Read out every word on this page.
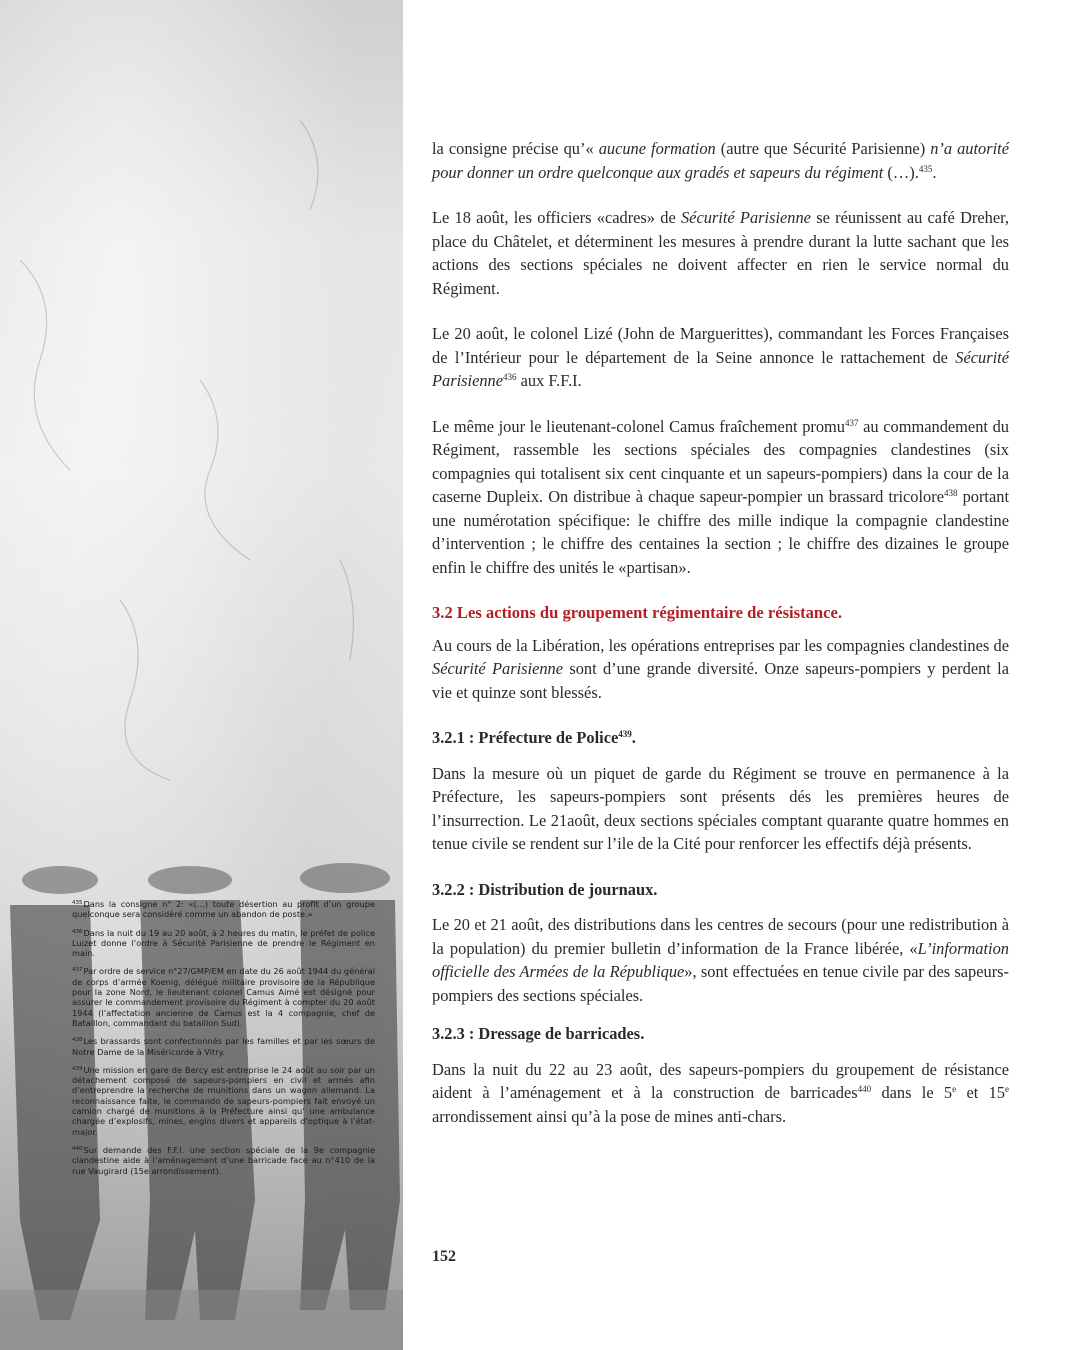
$^{435}$Dans la consigne n° 2: «(…) toute désertion au profit d’un groupe quelconque sera considéré comme un abandon de poste.»

$^{436}$Dans la nuit du 19 au 20 août, à 2 heures du matin, le préfet de police Luizet donne l’ordre à Sécurité Parisienne de prendre le Régiment en main.

$^{437}$Par ordre de service n°27/GMP/EM en date du 26 août 1944 du général de corps d’armée Koenig, délégué militaire provisoire de la République pour la zone Nord, le lieutenant colonel Camus Aimé est désigné pour assurer le commandement provisoire du Régiment à compter du 20 août 1944 (l’affectation ancienne de Camus est la 4 compagnie, chef de Bataillon, commandant du bataillon Sud).

$^{438}$Les brassards sont confectionnés par les familles et par les sœurs de Notre Dame de la Miséricorde à Vitry.

$^{439}$Une mission en gare de Bercy est entreprise le 24 août au soir par un détachement composé de sapeurs-pompiers en civil et armés afin d’entreprendre la recherche de munitions dans un wagon allemand. La reconnaissance faite, le commando de sapeurs-pompiers fait envoyé un camion chargé de munitions à la Préfecture ainsi qu’ une ambulance chargée d’explosifs, mines, engins divers et appareils d’optique à l’état-major.

$^{440}$Sur demande des F.F.I. une section spéciale de la 9e compagnie clandestine aide à l’aménagement d’une barricade face au n°410 de la rue Vaugirard (15e arrondissement).

la consigne précise qu’« aucune formation (autre que Sécurité Parisienne) n’a autorité pour donner un ordre quelconque aux gradés et sapeurs du régiment (…).$^{435}$.

Le 18 août, les officiers «cadres» de Sécurité Parisienne se réunissent au café Dreher, place du Châtelet, et déterminent les mesures à prendre durant la lutte sachant que les actions des sections spéciales ne doivent affecter en rien le service normal du Régiment.

Le 20 août, le colonel Lizé (John de Marguerittes), commandant les Forces Françaises de l’Intérieur pour le département de la Seine annonce le rattachement de Sécurité Parisienne$^{436}$ aux F.F.I.

Le même jour le lieutenant-colonel Camus fraîchement promu$^{437}$ au commandement du Régiment, rassemble les sections spéciales des compagnies clandestines (six compagnies qui totalisent six cent cinquante et un sapeurs-pompiers) dans la cour de la caserne Dupleix. On distribue à chaque sapeur-pompier un brassard tricolore$^{438}$ portant une numérotation spécifique: le chiffre des mille indique la compagnie clandestine d’intervention ; le chiffre des centaines la section ; le chiffre des dizaines le groupe enfin le chiffre des unités le «partisan».

3.2 Les actions du groupement régimentaire de résistance.

Au cours de la Libération, les opérations entreprises par les compagnies clandestines de Sécurité Parisienne sont d’une grande diversité. Onze sapeurs-pompiers y perdent la vie et quinze sont blessés.

3.2.1 : Préfecture de Police$^{439}$.

Dans la mesure où un piquet de garde du Régiment se trouve en permanence à la Préfecture, les sapeurs-pompiers sont présents dés les premières heures de l’insurrection. Le 21août, deux sections spéciales comptant quarante quatre hommes en tenue civile se rendent sur l’ile de la Cité pour renforcer les effectifs déjà présents.

3.2.2 : Distribution de journaux.

Le 20 et 21 août, des distributions dans les centres de secours (pour une redistribution à la population) du premier bulletin d’information de la France libérée, «L’information officielle des Armées de la République», sont effectuées en tenue civile par des sapeurs-pompiers des sections spéciales.

3.2.3 : Dressage de barricades.

Dans la nuit du 22 au 23 août, des sapeurs-pompiers du groupement de résistance aident à l’aménagement et à la construction de barricades$^{440}$ dans le 5e et 15e arrondissement ainsi qu’à la pose de mines anti-chars.

152
